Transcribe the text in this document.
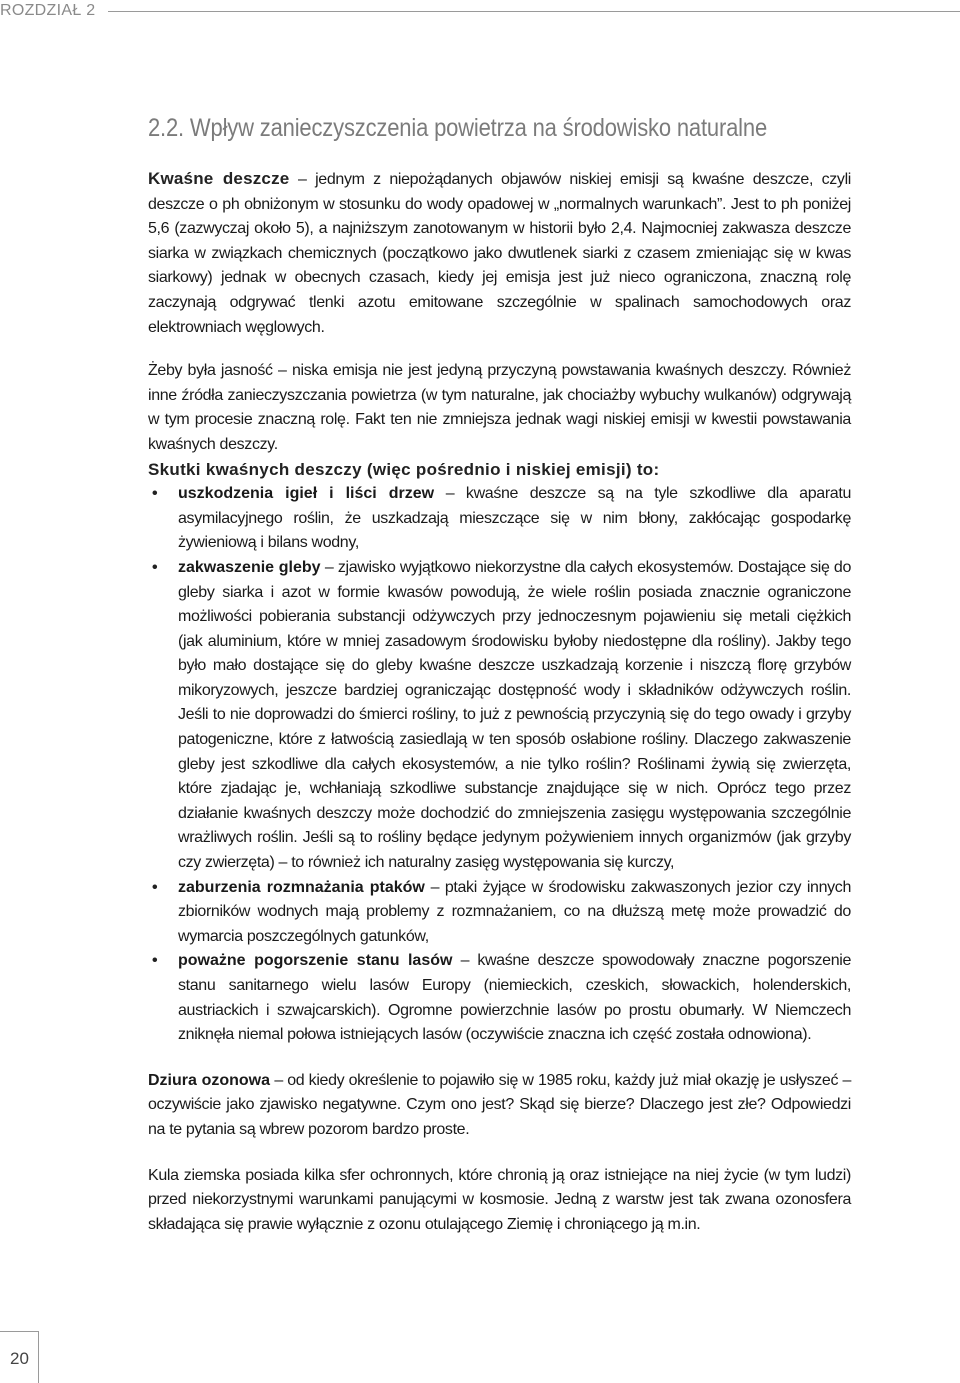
ROZDZIAŁ 2
2.2. Wpływ zanieczyszczenia powietrza na środowisko naturalne

Kwaśne deszcze – jednym z niepożądanych objawów niskiej emisji są kwaśne deszcze, czyli deszcze o ph obniżonym w stosunku do wody opadowej w „normalnych warunkach”. Jest to ph poniżej 5,6 (zazwyczaj około 5), a najniższym zanotowanym w historii było 2,4. Najmocniej zakwasza deszcze siarka w związkach chemicznych (początkowo jako dwutlenek siarki z czasem zmieniając się w kwas siarkowy) jednak w obecnych czasach, kiedy jej emisja jest już nieco ograniczona, znaczną rolę zaczynają odgrywać tlenki azotu emitowane szczególnie w spalinach samochodowych oraz elektrowniach węglowych.

Żeby była jasność – niska emisja nie jest jedyną przyczyną powstawania kwaśnych deszczy. Również inne źródła zanieczyszczania powietrza (w tym naturalne, jak chociażby wybuchy wulkanów) odgrywają w tym procesie znaczną rolę. Fakt ten nie zmniejsza jednak wagi niskiej emisji w kwestii powstawania kwaśnych deszczy.

Skutki kwaśnych deszczy (więc pośrednio i niskiej emisji) to:

• uszkodzenia igieł i liści drzew – kwaśne deszcze są na tyle szkodliwe dla aparatu asymilacyjnego roślin, że uszkadzają mieszczące się w nim błony, zakłócając gospodarkę żywieniową i bilans wodny,
• zakwaszenie gleby – zjawisko wyjątkowo niekorzystne dla całych ekosystemów. Dostające się do gleby siarka i azot w formie kwasów powodują, że wiele roślin posiada znacznie ograniczone możliwości pobierania substancji odżywczych przy jednoczesnym pojawieniu się metali ciężkich (jak aluminium, które w mniej zasadowym środowisku byłoby niedostępne dla rośliny). Jakby tego było mało dostające się do gleby kwaśne deszcze uszkadzają korzenie i niszczą florę grzybów mikoryzowych, jeszcze bardziej ograniczając dostępność wody i składników odżywczych roślin. Jeśli to nie doprowadzi do śmierci rośliny, to już z pewnością przyczynią się do tego owady i grzyby patogeniczne, które z łatwością zasiedlają w ten sposób osłabione rośliny. Dlaczego zakwaszenie gleby jest szkodliwe dla całych ekosystemów, a nie tylko roślin? Roślinami żywią się zwierzęta, które zjadając je, wchłaniają szkodliwe substancje znajdujące się w nich. Oprócz tego przez działanie kwaśnych deszczy może dochodzić do zmniejszenia zasięgu występowania szczególnie wrażliwych roślin. Jeśli są to rośliny będące jedynym pożywieniem innych organizmów (jak grzyby czy zwierzęta) – to również ich naturalny zasięg występowania się kurczy,
• zaburzenia rozmnażania ptaków – ptaki żyjące w środowisku zakwaszonych jezior czy innych zbiorników wodnych mają problemy z rozmnażaniem, co na dłuższą metę może prowadzić do wymarcia poszczególnych gatunków,
• poważne pogorszenie stanu lasów – kwaśne deszcze spowodowały znaczne pogorszenie stanu sanitarnego wielu lasów Europy (niemieckich, czeskich, słowackich, holenderskich, austriackich i szwajcarskich). Ogromne powierzchnie lasów po prostu obumarły. W Niemczech zniknęła niemal połowa istniejących lasów (oczywiście znaczna ich część została odnowiona).

Dziura ozonowa – od kiedy określenie to pojawiło się w 1985 roku, każdy już miał okazję je usłyszeć – oczywiście jako zjawisko negatywne. Czym ono jest? Skąd się bierze? Dlaczego jest złe? Odpowiedzi na te pytania są wbrew pozorom bardzo proste.

Kula ziemska posiada kilka sfer ochronnych, które chronią ją oraz istniejące na niej życie (w tym ludzi) przed niekorzystnymi warunkami panującymi w kosmosie. Jedną z warstw jest tak zwana ozonosfera składająca się prawie wyłącznie z ozonu otulającego Ziemię i chroniącego ją m.in.

20
